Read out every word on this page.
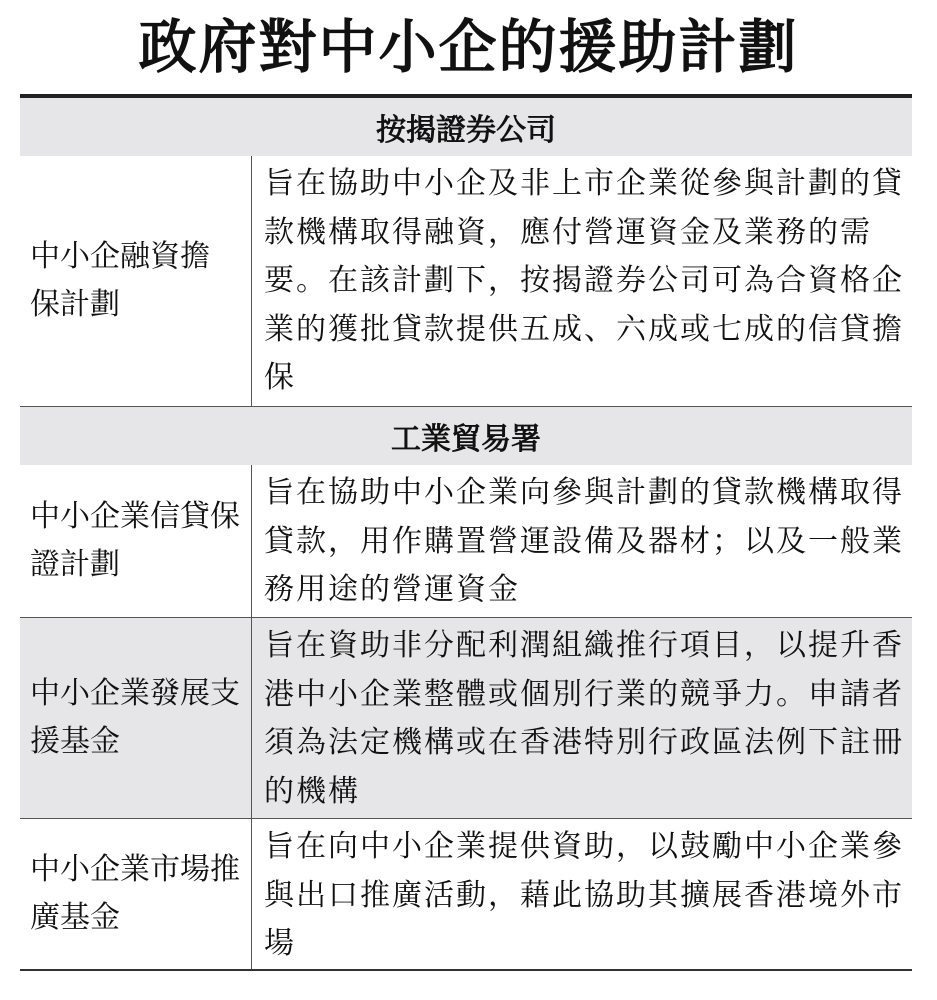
政府對中小企的援助計劃
按揭證券公司
中小企融資擔保計劃
旨在協助中小企及非上市企業從參與計劃的貸款機構取得融資，應付營運資金及業務的需要。在該計劃下，按揭證券公司可為合資格企業的獲批貸款提供五成、六成或七成的信貸擔保
工業貿易署
中小企業信貸保證計劃
旨在協助中小企業向參與計劃的貸款機構取得貸款，用作購置營運設備及器材；以及一般業務用途的營運資金
中小企業發展支援基金
旨在資助非分配利潤組織推行項目，以提升香港中小企業整體或個別行業的競爭力。申請者須為法定機構或在香港特別行政區法例下註冊的機構
中小企業市場推廣基金
旨在向中小企業提供資助，以鼓勵中小企業參與出口推廣活動，藉此協助其擴展香港境外市場
